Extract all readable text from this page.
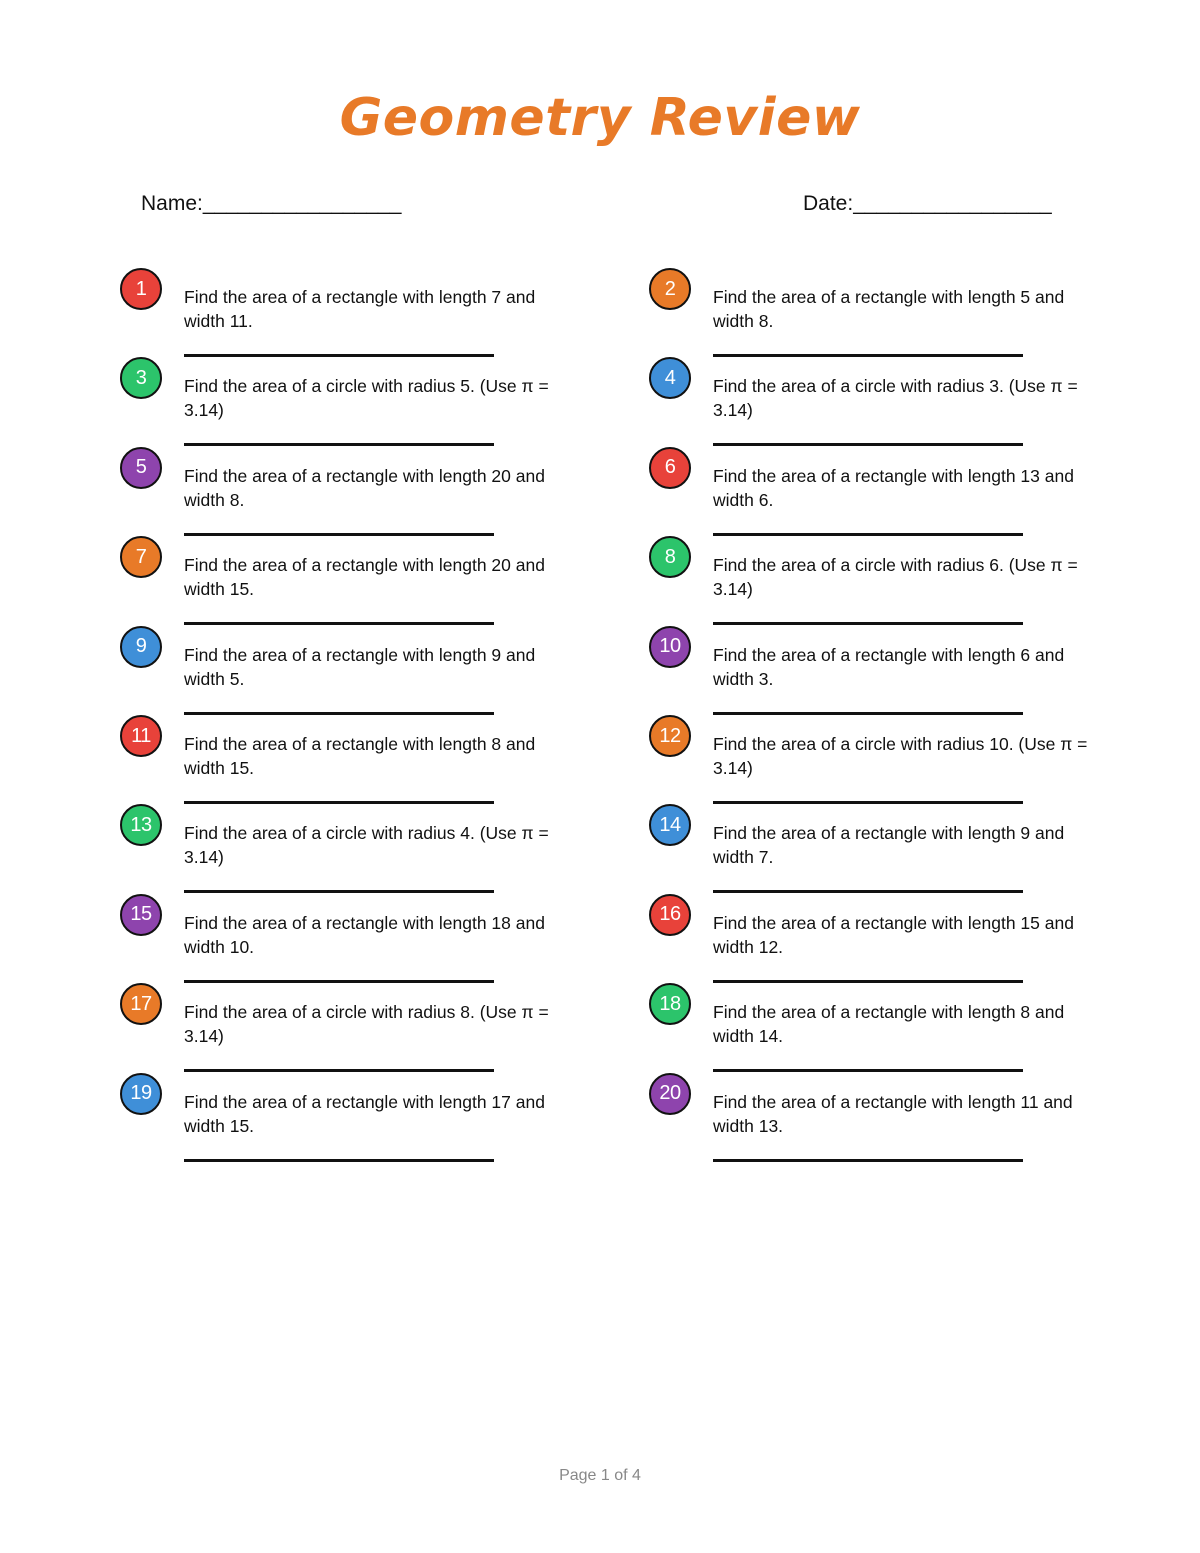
Geometry Review
Name:_________________	Date:_________________
1	Find the area of a rectangle with length 7 and width 11.
2	Find the area of a rectangle with length 5 and width 8.
3	Find the area of a circle with radius 5. (Use π = 3.14)
4	Find the area of a circle with radius 3. (Use π = 3.14)
5	Find the area of a rectangle with length 20 and width 8.
6	Find the area of a rectangle with length 13 and width 6.
7	Find the area of a rectangle with length 20 and width 15.
8	Find the area of a circle with radius 6. (Use π = 3.14)
9	Find the area of a rectangle with length 9 and width 5.
10	Find the area of a rectangle with length 6 and width 3.
11	Find the area of a rectangle with length 8 and width 15.
12	Find the area of a circle with radius 10. (Use π = 3.14)
13	Find the area of a circle with radius 4. (Use π = 3.14)
14	Find the area of a rectangle with length 9 and width 7.
15	Find the area of a rectangle with length 18 and width 10.
16	Find the area of a rectangle with length 15 and width 12.
17	Find the area of a circle with radius 8. (Use π = 3.14)
18	Find the area of a rectangle with length 8 and width 14.
19	Find the area of a rectangle with length 17 and width 15.
20	Find the area of a rectangle with length 11 and width 13.
Page 1 of 4
